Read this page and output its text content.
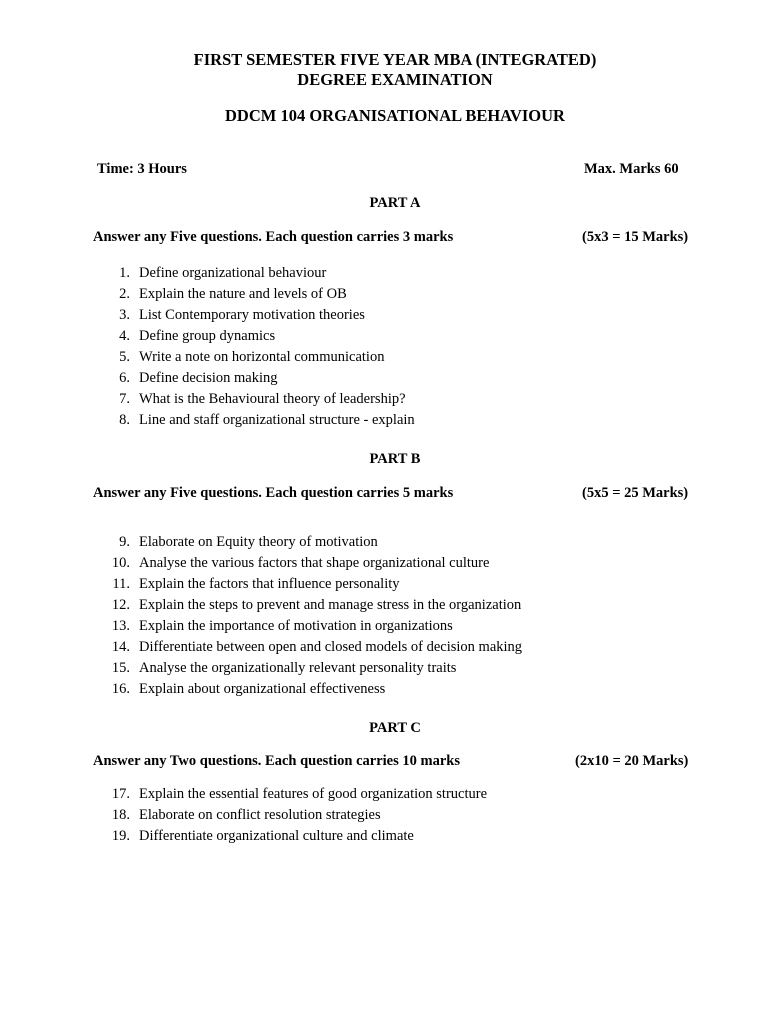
FIRST SEMESTER FIVE YEAR MBA (INTEGRATED)
DEGREE EXAMINATION
DDCM 104 ORGANISATIONAL BEHAVIOUR
Time: 3 Hours	Max. Marks 60
PART A
Answer any Five questions. Each question carries 3 marks	(5x3 = 15 Marks)
1. Define organizational behaviour
2. Explain the nature and levels of OB
3. List Contemporary motivation theories
4. Define group dynamics
5. Write a note on horizontal communication
6. Define decision making
7. What is the Behavioural theory of leadership?
8. Line and staff organizational structure - explain
PART B
Answer any Five questions. Each question carries 5 marks	(5x5 = 25 Marks)
9. Elaborate on Equity theory of motivation
10. Analyse the various factors that shape organizational culture
11. Explain the factors that influence personality
12. Explain the steps to prevent and manage stress in the organization
13. Explain the importance of motivation in organizations
14. Differentiate between open and closed models of decision making
15. Analyse the organizationally relevant personality traits
16. Explain about organizational effectiveness
PART C
Answer any Two questions. Each question carries 10 marks	(2x10 = 20 Marks)
17. Explain the essential features of good organization structure
18. Elaborate on conflict resolution strategies
19. Differentiate organizational culture and climate
